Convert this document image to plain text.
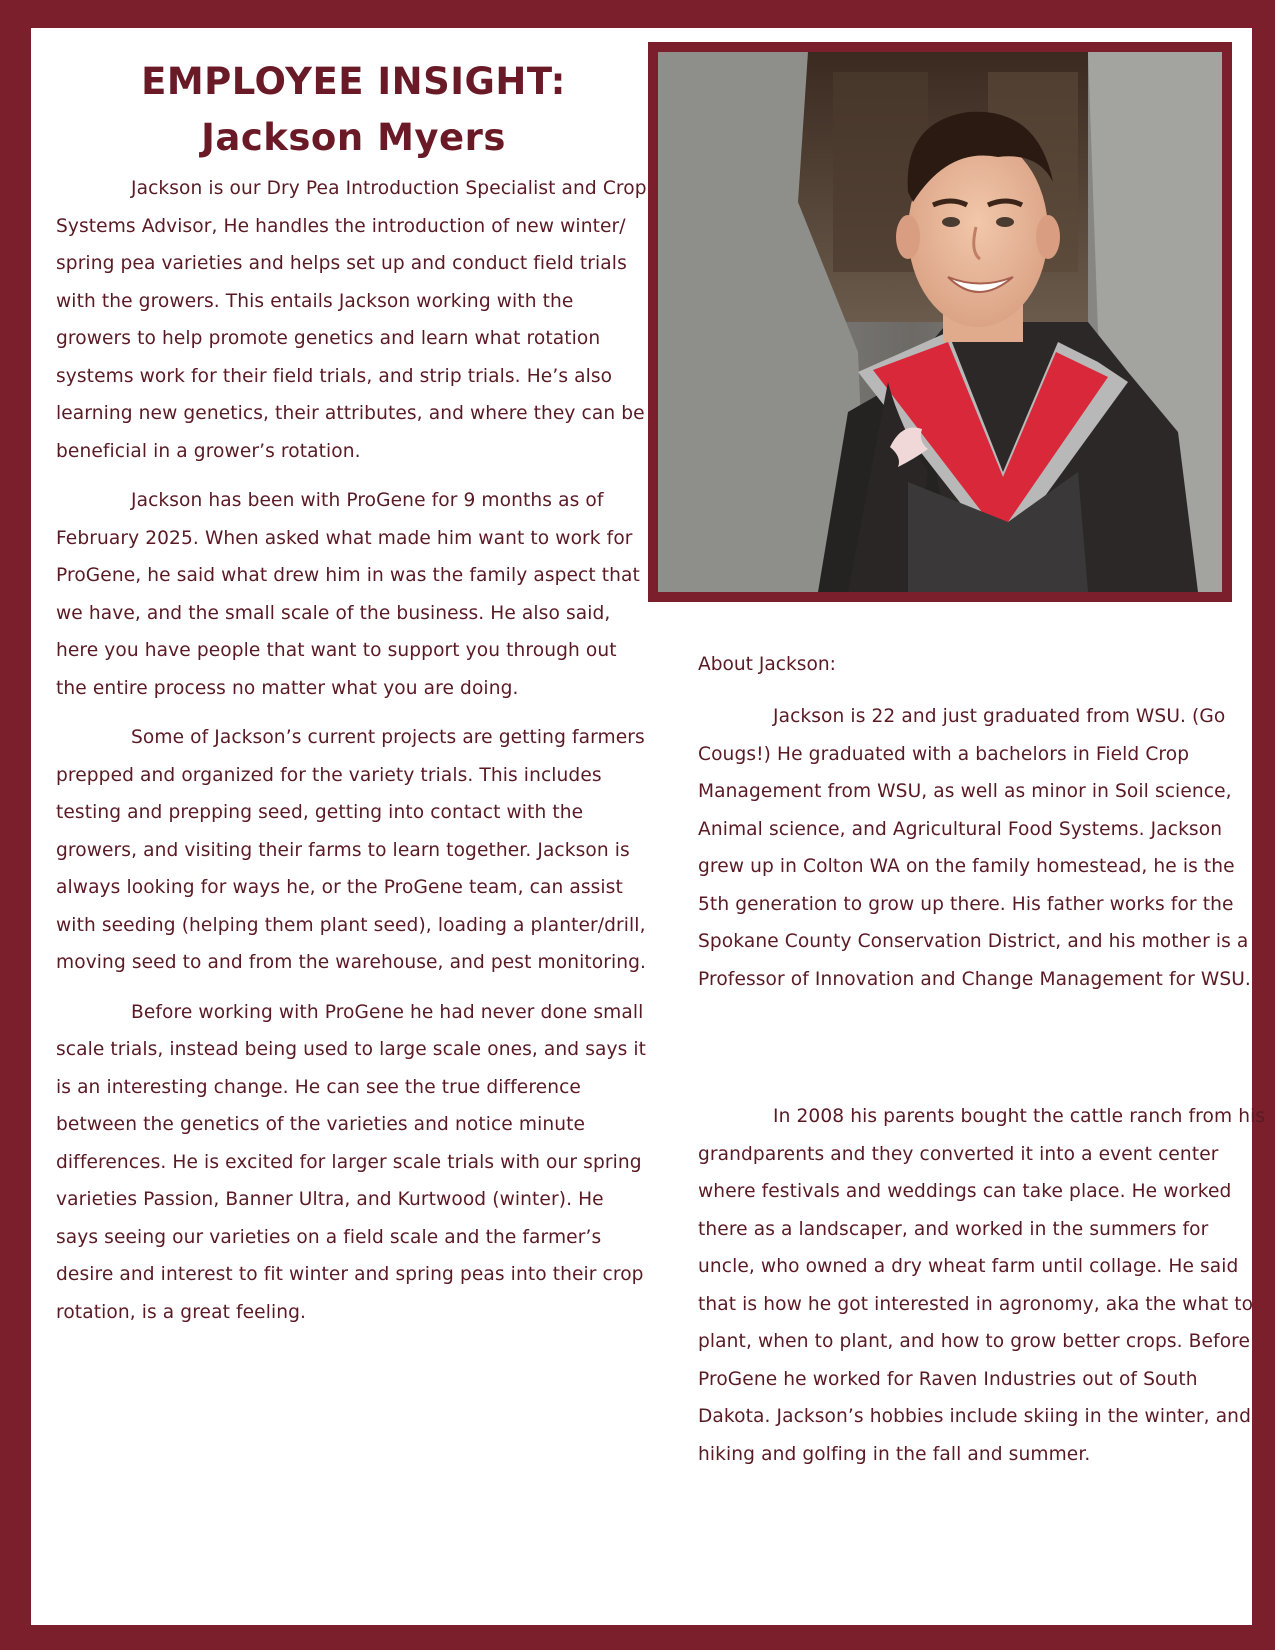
EMPLOYEE INSIGHT:
Jackson Myers

Jackson is our Dry Pea Introduction Specialist and Crop Systems Advisor, He handles the introduction of new winter/ spring pea varieties and helps set up and conduct field trials with the growers. This entails Jackson working with the growers to help promote genetics and learn what rotation systems work for their field trials, and strip trials. He’s also learning new genetics, their attributes, and where they can be beneficial in a grower’s rotation.

Jackson has been with ProGene for 9 months as of February 2025. When asked what made him want to work for ProGene, he said what drew him in was the family aspect that we have, and the small scale of the business. He also said, here you have people that want to support you through out the entire process no matter what you are doing.

Some of Jackson’s current projects are getting farmers prepped and organized for the variety trials. This includes testing and prepping seed, getting into contact with the growers, and visiting their farms to learn together. Jackson is always looking for ways he, or the ProGene team, can assist with seeding (helping them plant seed), loading a planter/drill, moving seed to and from the warehouse, and pest monitoring.

Before working with ProGene he had never done small scale trials, instead being used to large scale ones, and says it is an interesting change. He can see the true difference between the genetics of the varieties and notice minute differences. He is excited for larger scale trials with our spring varieties Passion, Banner Ultra, and Kurtwood (winter). He says seeing our varieties on a field scale and the farmer’s desire and interest to fit winter and spring peas into their crop rotation, is a great feeling.

About Jackson:

Jackson is 22 and just graduated from WSU. (Go Cougs!) He graduated with a bachelors in Field Crop Management from WSU, as well as minor in Soil science, Animal science, and Agricultural Food Systems. Jackson grew up in Colton WA on the family homestead, he is the 5th generation to grow up there. His father works for the Spokane County Conservation District, and his mother is a Professor of Innovation and Change Management for WSU.

In 2008 his parents bought the cattle ranch from his grandparents and they converted it into a event center where festivals and weddings can take place. He worked there as a landscaper, and worked in the summers for uncle, who owned a dry wheat farm until collage. He said that is how he got interested in agronomy, aka the what to plant, when to plant, and how to grow better crops. Before ProGene he worked for Raven Industries out of South Dakota. Jackson’s hobbies include skiing in the winter, and hiking and golfing in the fall and summer.
